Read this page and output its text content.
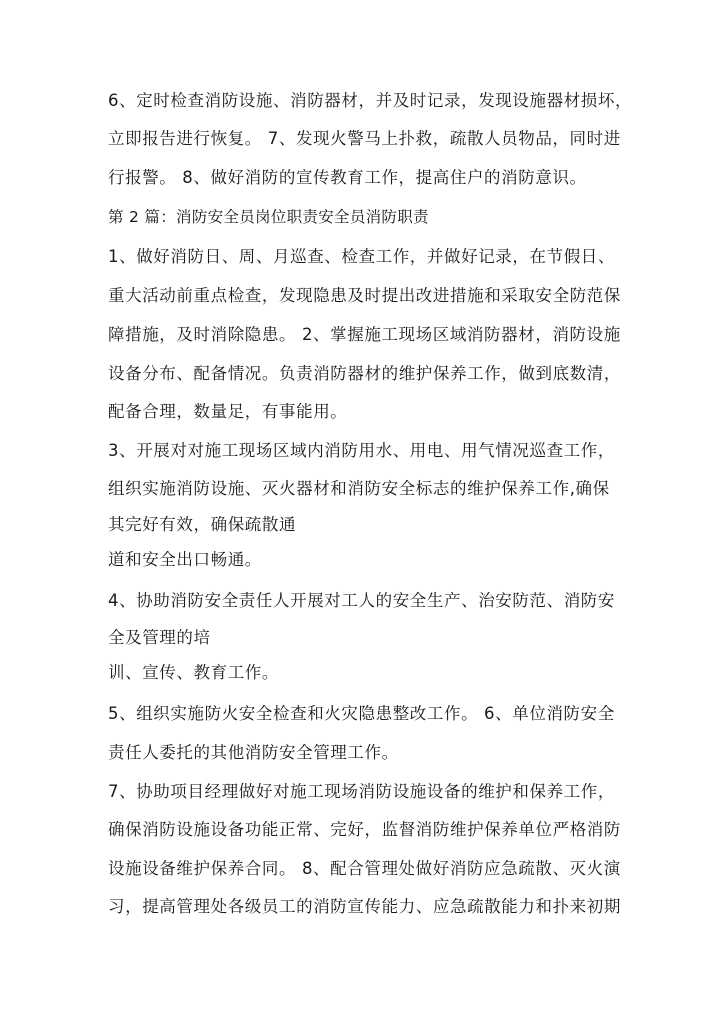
6、定时检查消防设施、消防器材，并及时记录，发现设施器材损坏，
立即报告进行恢复。 7、发现火警马上扑救，疏散人员物品，同时进
行报警。 8、做好消防的宣传教育工作，提高住户的消防意识。
第 2 篇：消防安全员岗位职责安全员消防职责
1、做好消防日、周、月巡查、检查工作，并做好记录，在节假日、
重大活动前重点检查，发现隐患及时提出改进措施和采取安全防范保
障措施，及时消除隐患。 2、掌握施工现场区域消防器材，消防设施
设备分布、配备情况。负责消防器材的维护保养工作，做到底数清，
配备合理，数量足，有事能用。
3、开展对对施工现场区域内消防用水、用电、用气情况巡查工作，
组织实施消防设施、灭火器材和消防安全标志的维护保养工作,确保
其完好有效，确保疏散通
道和安全出口畅通。
4、协助消防安全责任人开展对工人的安全生产、治安防范、消防安
全及管理的培
训、宣传、教育工作。
5、组织实施防火安全检查和火灾隐患整改工作。 6、单位消防安全
责任人委托的其他消防安全管理工作。
7、协助项目经理做好对施工现场消防设施设备的维护和保养工作，
确保消防设施设备功能正常、完好，监督消防维护保养单位严格消防
设施设备维护保养合同。 8、配合管理处做好消防应急疏散、灭火演
习，提高管理处各级员工的消防宣传能力、应急疏散能力和扑来初期
